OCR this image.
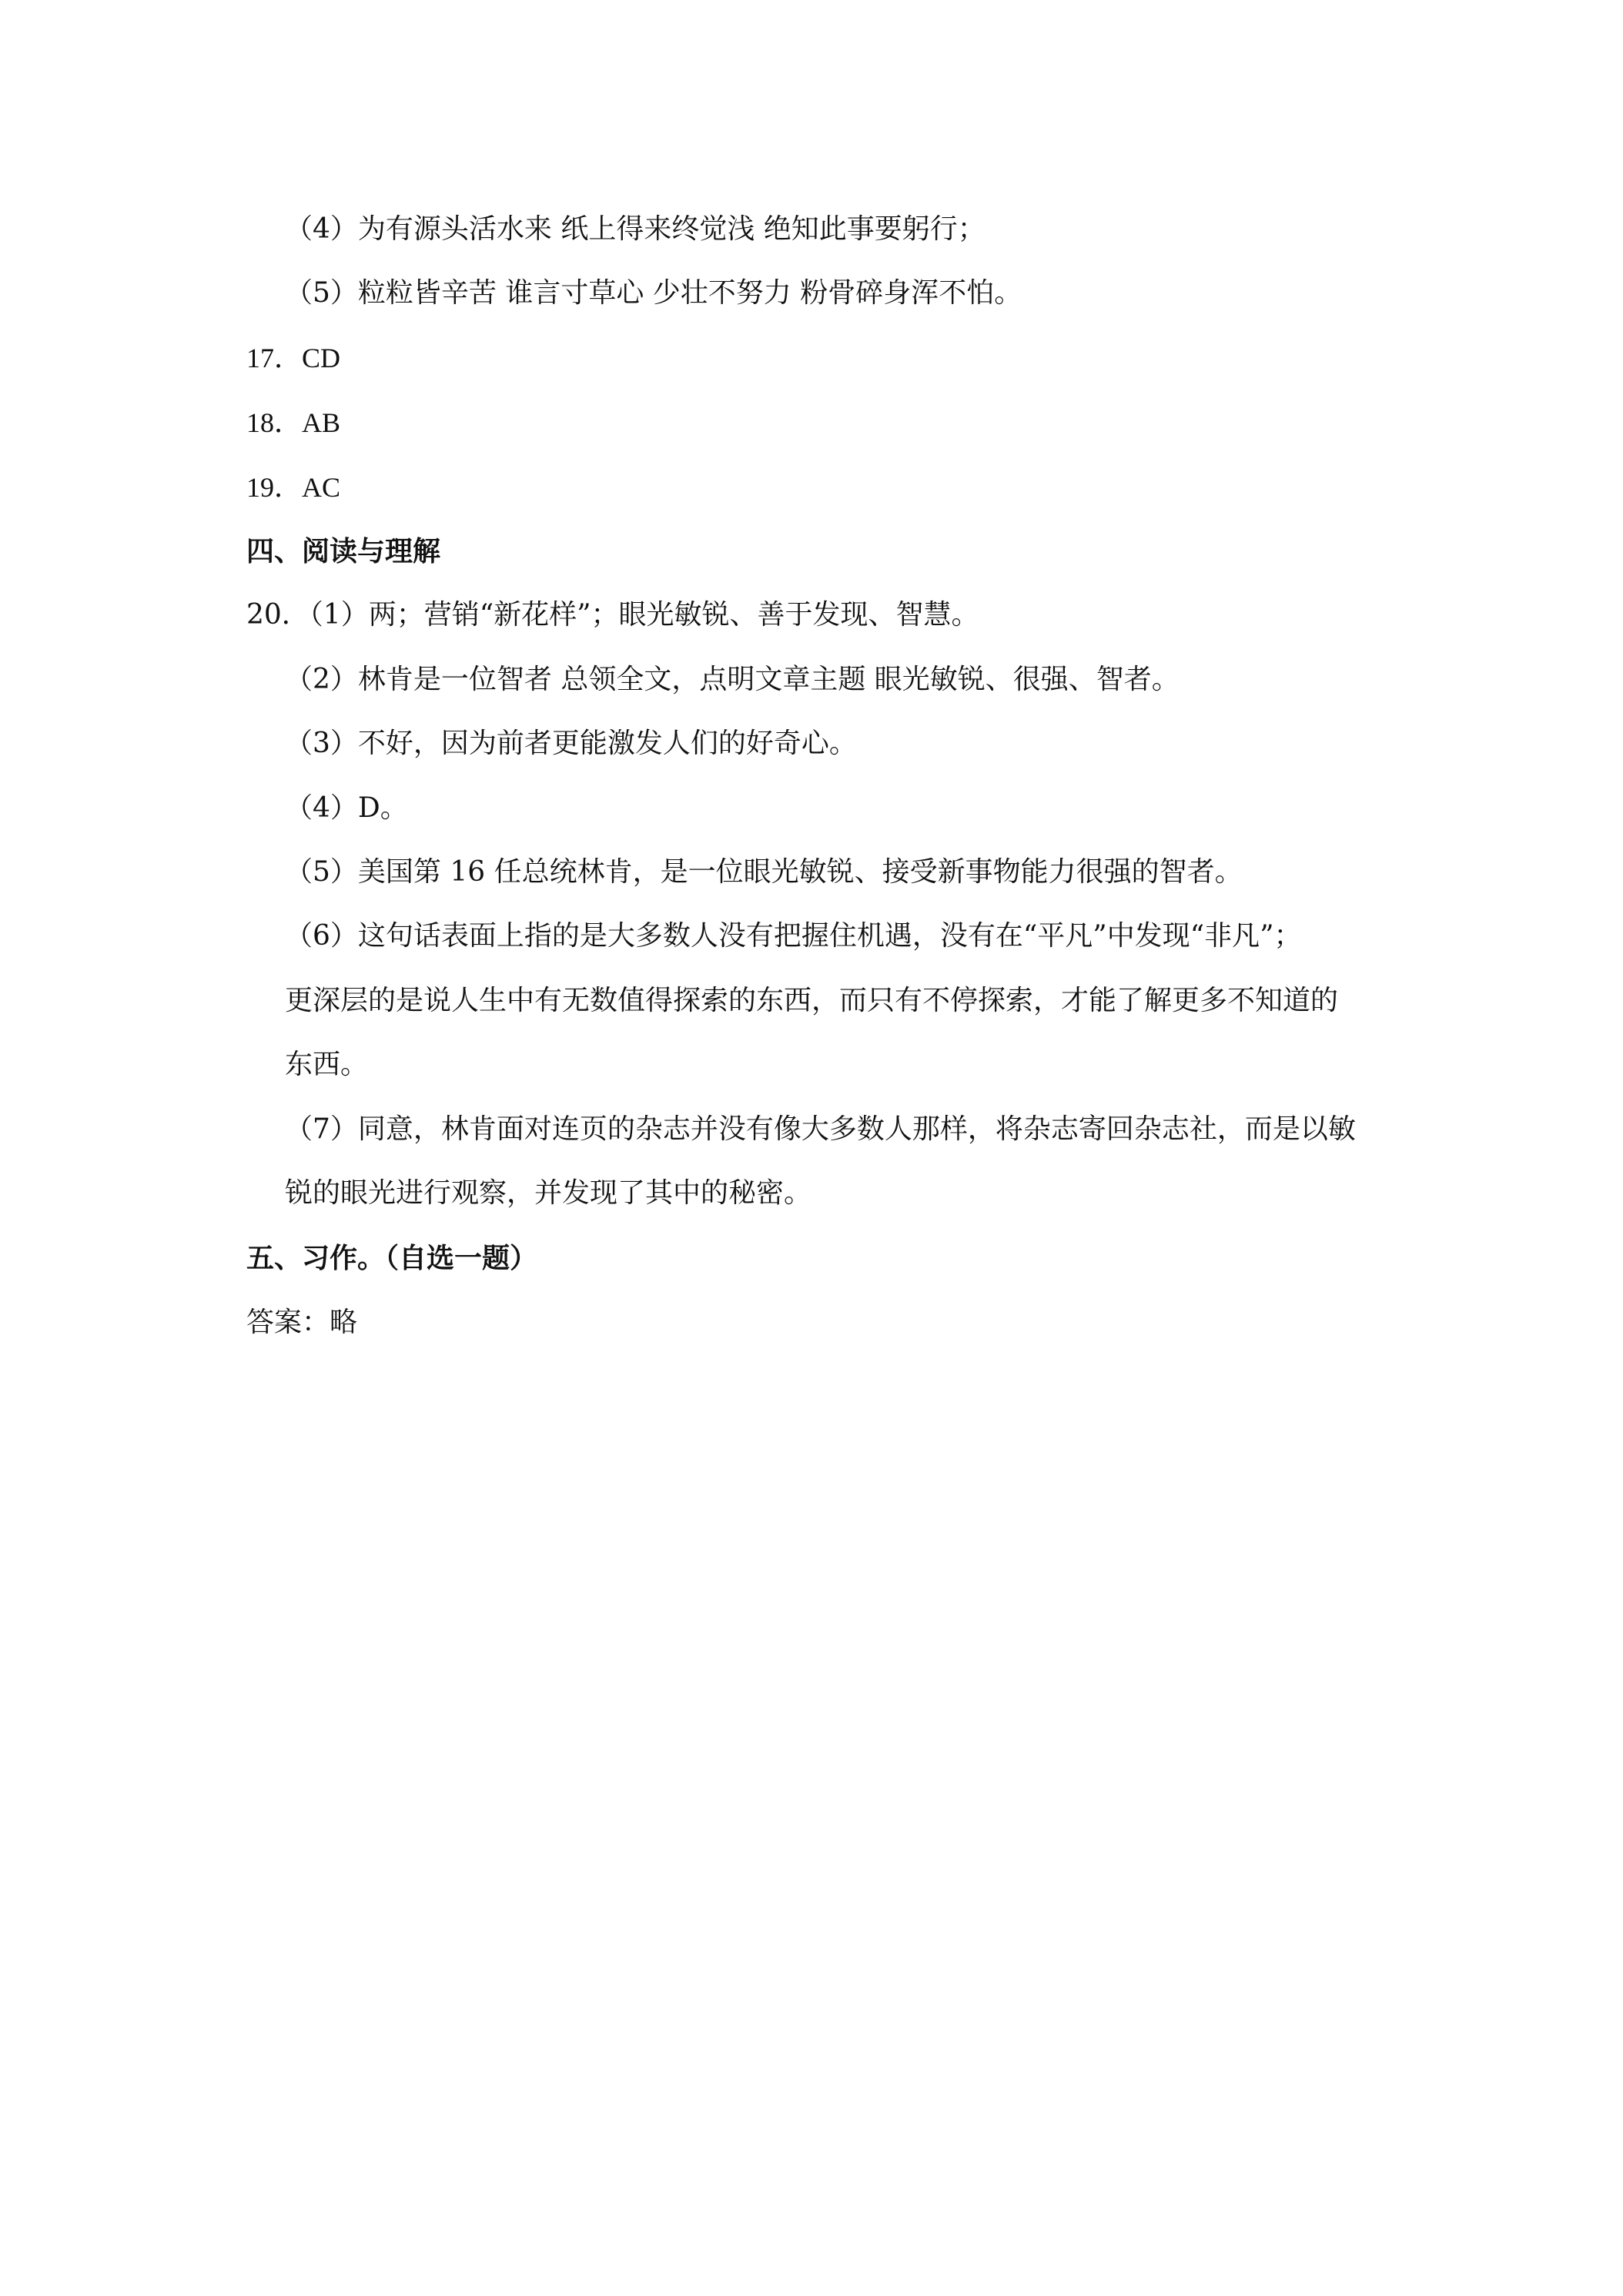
（4）为有源头活水来 纸上得来终觉浅 绝知此事要躬行；
（5）粒粒皆辛苦 谁言寸草心 少壮不努力 粉骨碎身浑不怕。
17．CD
18．AB
19．AC
四、阅读与理解
20．（1）两；营销“新花样”；眼光敏锐、善于发现、智慧。
（2）林肯是一位智者 总领全文，点明文章主题 眼光敏锐、很强、智者。
（3）不好，因为前者更能激发人们的好奇心。
（4）D。
（5）美国第 16 任总统林肯，是一位眼光敏锐、接受新事物能力很强的智者。
（6）这句话表面上指的是大多数人没有把握住机遇，没有在“平凡”中发现“非凡”；
更深层的是说人生中有无数值得探索的东西，而只有不停探索，才能了解更多不知道的
东西。
（7）同意，林肯面对连页的杂志并没有像大多数人那样，将杂志寄回杂志社，而是以敏
锐的眼光进行观察，并发现了其中的秘密。
五、习作。（自选一题）
答案：略
